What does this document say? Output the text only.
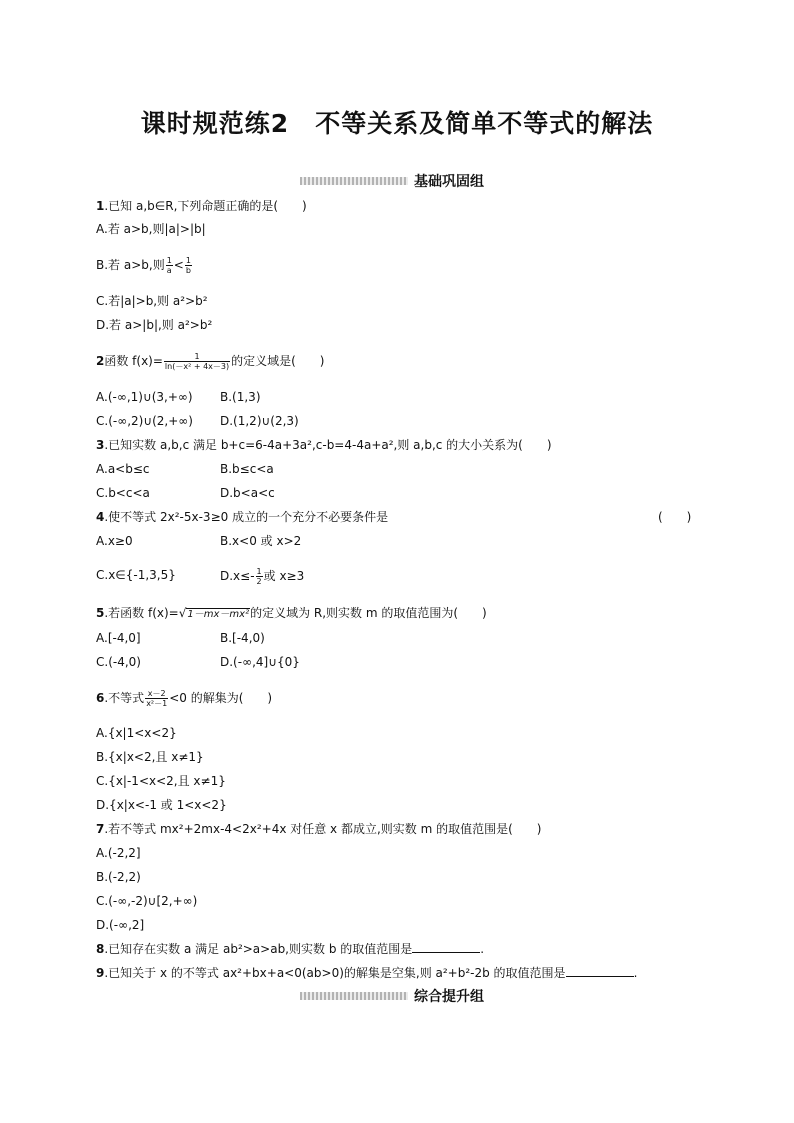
课时规范练2　不等关系及简单不等式的解法
基础巩固组
1.已知 a,b∈R,下列命题正确的是(　　)
A.若 a>b,则|a|>|b|
B.若 a>b,则 $\frac{1}{a} < \frac{1}{b}$
C.若|a|>b,则 a²>b²
D.若 a>|b|,则 a²>b²
2函数 $f(x)= \frac{1}{\text{ln(－x² + 4x－3)}}$ 的定义域是(　　)
A.(-∞,1)∪(3,+∞) B.(1,3)
C.(-∞,2)∪(2,+∞) D.(1,2)∪(2,3)
3.已知实数 a,b,c 满足 b+c=6-4a+3a²,c-b=4-4a+a²,则 a,b,c 的大小关系为(　　)
A.a<b≤c	B.b≤c<a
C.b<c<a	D.b<a<c
4.使不等式 2x²-5x-3≥0 成立的一个充分不必要条件是	(　　)
A.x≥0	B.x<0 或 x>2
C.x∈{-1,3,5}	$D.x\le- \frac{1}{2}$ 或 x≥3
5.若函数 f(x)=√1－mx－mx²的定义域为 R,则实数 m 的取值范围为(　　)
A.[-4,0]	B.[-4,0)
C.(-4,0)	D.(-∞,4]∪{0}
6.不等式 $\frac{x-2}{\text{x²－1}} <0$ 的解集为(　　)
A.{x|1<x<2}
B.{x|x<2,且 x≠1}
C.{x|-1<x<2,且 x≠1}
D.{x|x<-1 或 1<x<2}
7.若不等式 mx²+2mx-4<2x²+4x 对任意 x 都成立,则实数 m 的取值范围是(　　)
A.(-2,2]
B.(-2,2)
C.(-∞,-2)∪[2,+∞)
D.(-∞,2]
8.已知存在实数 a 满足 ab²>a>ab,则实数 b 的取值范围是	.
9.已知关于 x 的不等式 ax²+bx+a<0(ab>0)的解集是空集,则 a²+b²-2b 的取值范围是	.
综合提升组
